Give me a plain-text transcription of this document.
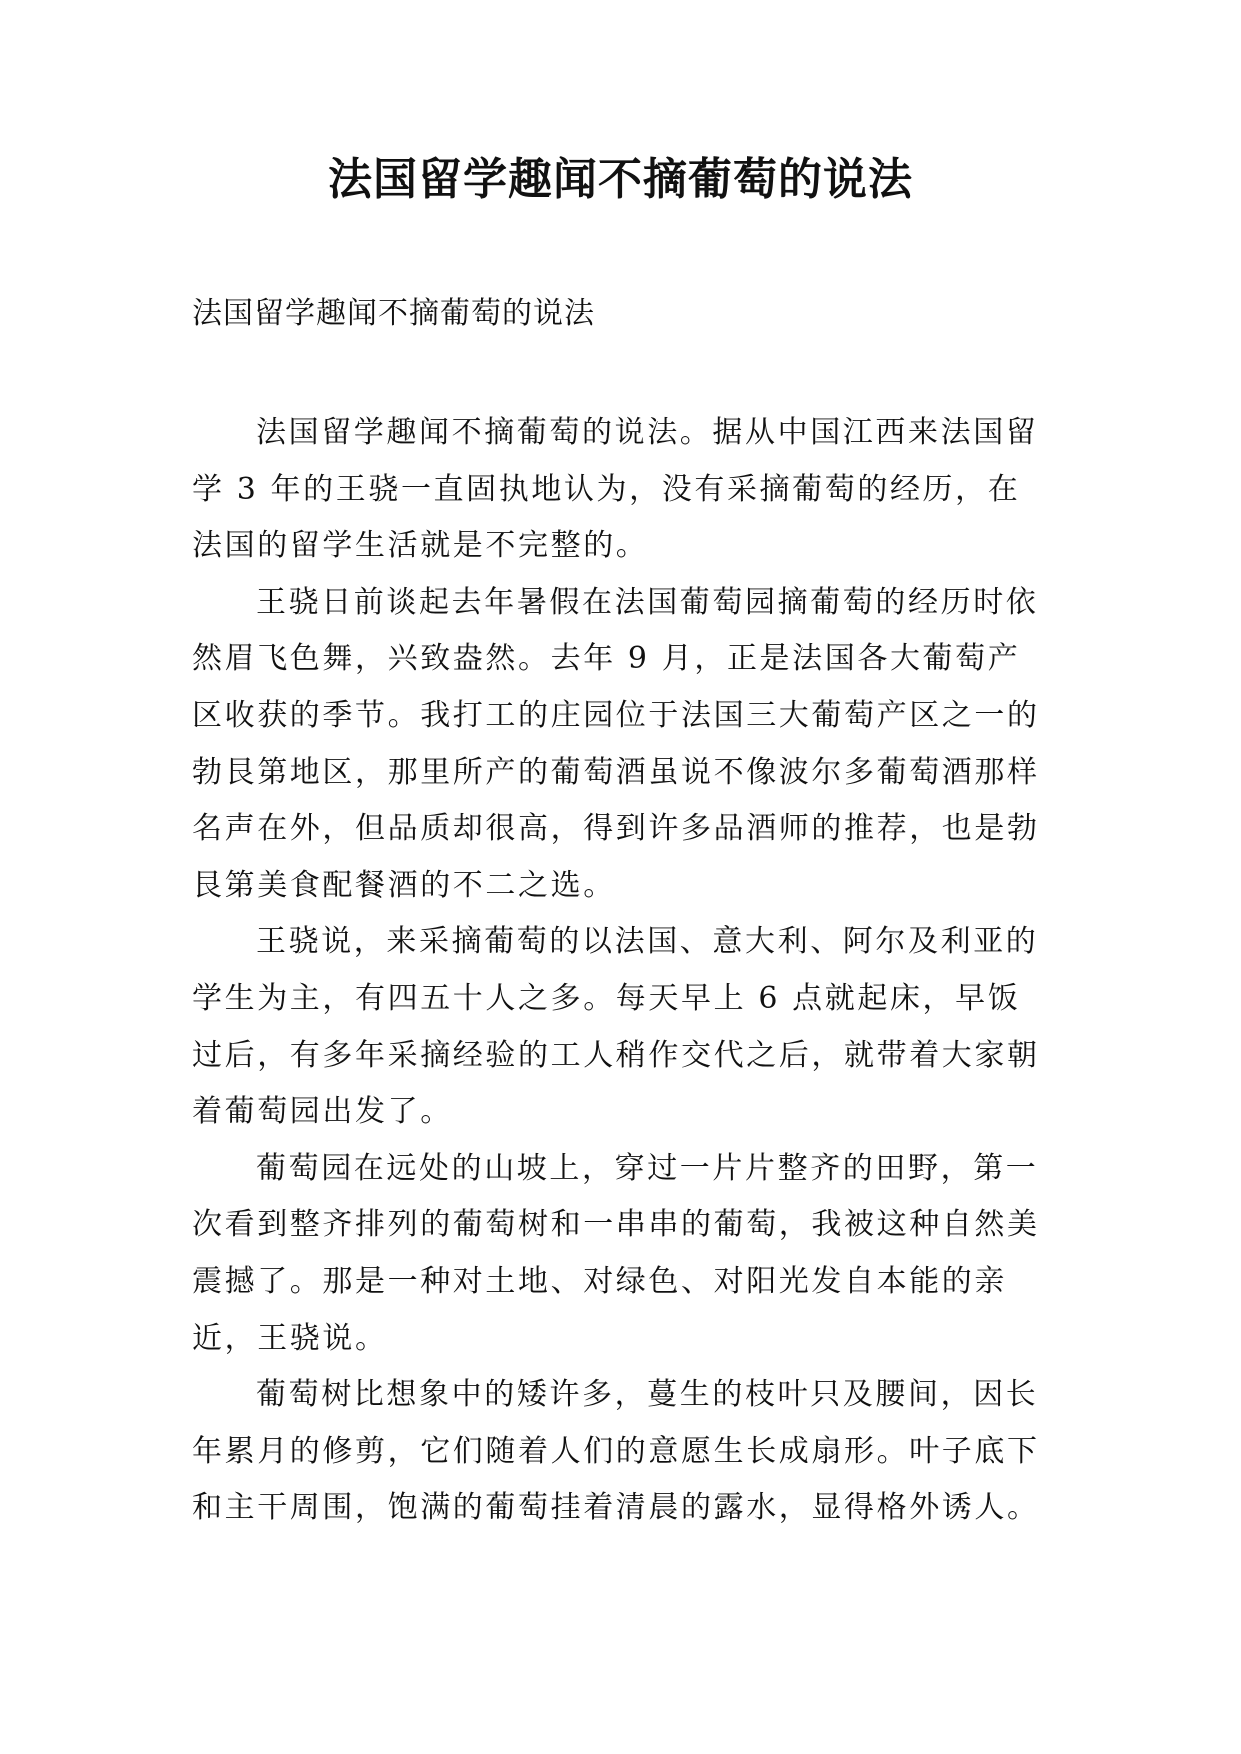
法国留学趣闻不摘葡萄的说法

法国留学趣闻不摘葡萄的说法

法国留学趣闻不摘葡萄的说法。据从中国江西来法国留学 3 年的王骁一直固执地认为，没有采摘葡萄的经历，在法国的留学生活就是不完整的。

王骁日前谈起去年暑假在法国葡萄园摘葡萄的经历时依然眉飞色舞，兴致盎然。去年 9 月，正是法国各大葡萄产区收获的季节。我打工的庄园位于法国三大葡萄产区之一的勃艮第地区，那里所产的葡萄酒虽说不像波尔多葡萄酒那样名声在外，但品质却很高，得到许多品酒师的推荐，也是勃艮第美食配餐酒的不二之选。

王骁说，来采摘葡萄的以法国、意大利、阿尔及利亚的学生为主，有四五十人之多。每天早上 6 点就起床，早饭过后，有多年采摘经验的工人稍作交代之后，就带着大家朝着葡萄园出发了。

葡萄园在远处的山坡上，穿过一片片整齐的田野，第一次看到整齐排列的葡萄树和一串串的葡萄，我被这种自然美震撼了。那是一种对土地、对绿色、对阳光发自本能的亲近，王骁说。

葡萄树比想象中的矮许多，蔓生的枝叶只及腰间，因长年累月的修剪，它们随着人们的意愿生长成扇形。叶子底下和主干周围，饱满的葡萄挂着清晨的露水，显得格外诱人。
